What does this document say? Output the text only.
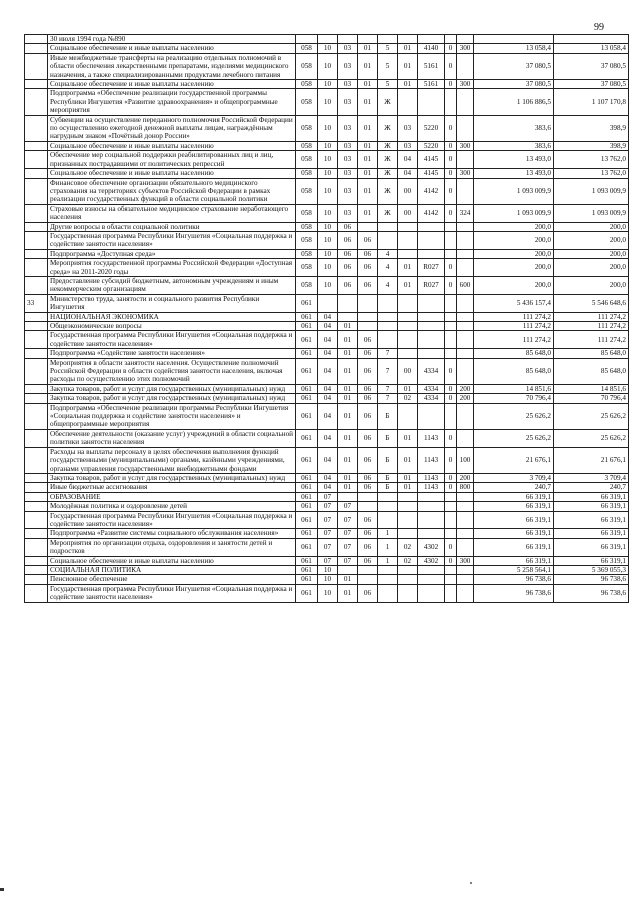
99
	30 июля 1994 года №890											
	Социальное обеспечение и иные выплаты населению	058	10	03	01	5	01	4140	0	300	13 058,4	13 058,4
	Иные межбюджетные трансферты на реализацию отдельных полномочий в области обеспечения лекарственными препаратами, изделиями медицинского назначения, а также специализированными продуктами лечебного питания	058	10	03	01	5	01	5161	0		37 080,5	37 080,5
	Социальное обеспечение и иные выплаты населению	058	10	03	01	5	01	5161	0	300	37 080,5	37 080,5
	Подпрограмма «Обеспечение реализации государственной программы Республики Ингушетия «Развитие здравоохранения» и общепрограммные мероприятия	058	10	03	01	Ж					1 106 886,5	1 107 170,8
	Субвенции на осуществление переданного полномочия Российской Федерации по осуществлению ежегодной денежной выплаты лицам, награждённым нагрудным знаком «Почётный донор России»	058	10	03	01	Ж	03	5220	0		383,6	398,9
	Социальное обеспечение и иные выплаты населению	058	10	03	01	Ж	03	5220	0	300	383,6	398,9
	Обеспечение мер социальной поддержки реабилитированных лиц и лиц, признанных пострадавшими от политических репрессий	058	10	03	01	Ж	04	4145	0		13 493,0	13 762,0
	Социальное обеспечение и иные выплаты населению	058	10	03	01	Ж	04	4145	0	300	13 493,0	13 762,0
	Финансовое обеспечение организации обязательного медицинского страхования на территориях субъектов Российской Федерации в рамках реализации государственных функций в области социальной политики	058	10	03	01	Ж	00	4142	0		1 093 009,9	1 093 009,9
	Страховые взносы на обязательное медицинское страхование неработающего населения	058	10	03	01	Ж	00	4142	0	324	1 093 009,9	1 093 009,9
	Другие вопросы в области социальной политики	058	10	06							200,0	200,0
	Государственная программа Республики Ингушетия «Социальная поддержка и содействие занятости населения»	058	10	06	06						200,0	200,0
	Подпрограмма «Доступная среда»	058	10	06	06	4					200,0	200,0
	Мероприятия государственной программы Российской Федерации «Доступная среда» на 2011-2020 годы	058	10	06	06	4	01	R027	0		200,0	200,0
	Предоставление субсидий бюджетным, автономным учреждениям и иным некоммерческим организациям	058	10	06	06	4	01	R027	0	600	200,0	200,0
33	Министерство труда, занятости и социального развития Республики Ингушетия	061									5 436 157,4	5 546 648,6
	НАЦИОНАЛЬНАЯ ЭКОНОМИКА	061	04								111 274,2	111 274,2
	Общеэкономические вопросы	061	04	01							111 274,2	111 274,2
	Государственная программа Республики Ингушетия «Социальная поддержка и содействие занятости населения»	061	04	01	06						111 274,2	111 274,2
	Подпрограмма «Содействие занятости населения»	061	04	01	06	7					85 648,0	85 648,0
	Мероприятия в области занятости населения. Осуществление полномочий Российской Федерации в области содействия занятости населения, включая расходы по осуществлению этих полномочий	061	04	01	06	7	00	4334	0		85 648,0	85 648,0
	Закупка товаров, работ и услуг для государственных (муниципальных) нужд	061	04	01	06	7	01	4334	0	200	14 851,6	14 851,6
	Закупка товаров, работ и услуг для государственных (муниципальных) нужд	061	04	01	06	7	02	4334	0	200	70 796,4	70 796,4
	Подпрограмма «Обеспечение реализации программы Республики Ингушетия «Социальная поддержка и содействие занятости населения» и общепрограммные мероприятия	061	04	01	06	Б					25 626,2	25 626,2
	Обеспечение деятельности (оказание услуг) учреждений в области социальной политики занятости населения	061	04	01	06	Б	01	1143	0		25 626,2	25 626,2
	Расходы на выплаты персоналу в целях обеспечения выполнения функций государственными (муниципальными) органами, казёнными учреждениями, органами управления государственными внебюджетными фондами	061	04	01	06	Б	01	1143	0	100	21 676,1	21 676,1
	Закупка товаров, работ и услуг для государственных (муниципальных) нужд	061	04	01	06	Б	01	1143	0	200	3 709,4	3 709,4
	Иные бюджетные ассигнования	061	04	01	06	Б	01	1143	0	800	240,7	240,7
	ОБРАЗОВАНИЕ	061	07								66 319,1	66 319,1
	Молодёжная политика и оздоровление детей	061	07	07							66 319,1	66 319,1
	Государственная программа Республики Ингушетия «Социальная поддержка и содействие занятости населения»	061	07	07	06						66 319,1	66 319,1
	Подпрограмма «Развитие системы социального обслуживания населения»	061	07	07	06	1					66 319,1	66 319,1
	Мероприятия по организации отдыха, оздоровления и занятости детей и подростков	061	07	07	06	1	02	4302	0		66 319,1	66 319,1
	Социальное обеспечение и иные выплаты населению	061	07	07	06	1	02	4302	0	300	66 319,1	66 319,1
	СОЦИАЛЬНАЯ ПОЛИТИКА	061	10								5 258 564,1	5 369 055,3
	Пенсионное обеспечение	061	10	01							96 738,6	96 738,6
	Государственная программа Республики Ингушетия «Социальная поддержка и содействие занятости населения»	061	10	01	06						96 738,6	96 738,6
